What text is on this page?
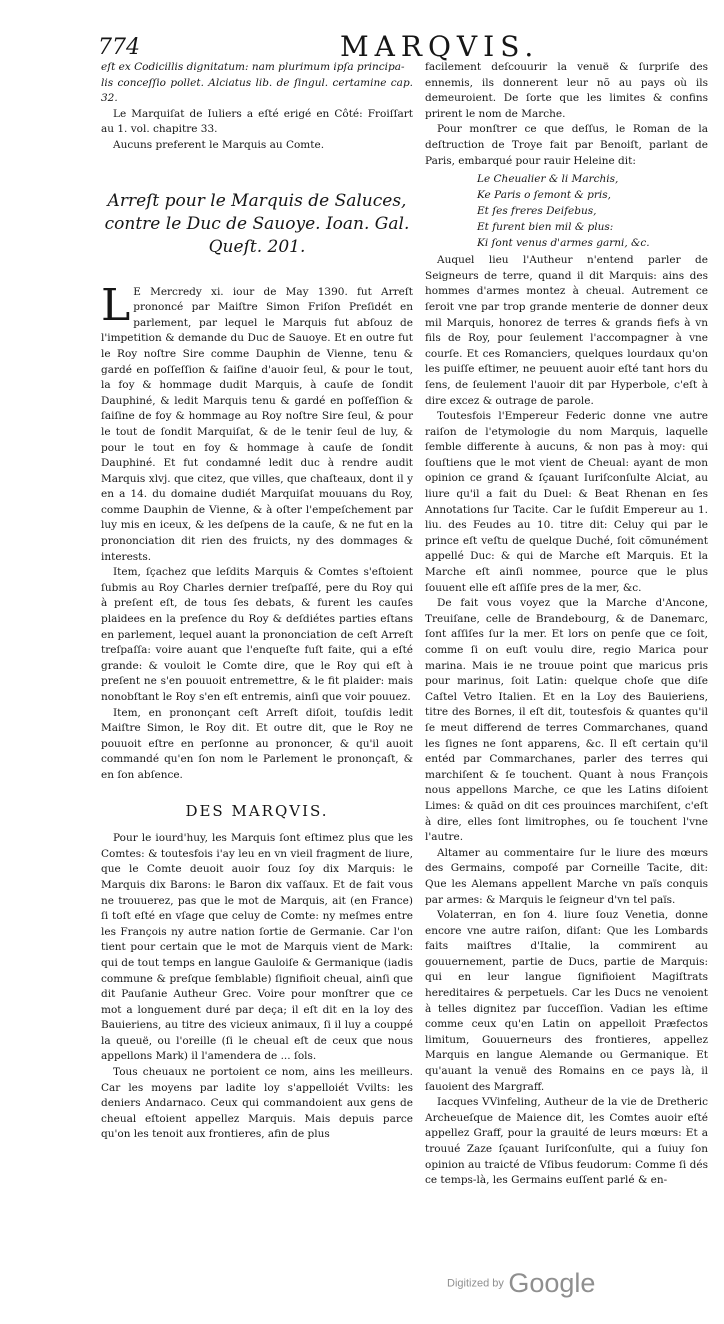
774	MARQVIS.

eſt ex Codicillis dignitatum: nam plurimum ipſa principa-

lis conceſſio pollet. Alciatus lib. de ſingul. certamine cap. 32.

Le Marquiſat de Iuliers a eſté erigé en Côté: Froiſſart au 1. vol. chapitre 33.

Aucuns preferent le Marquis au Comte.

Arreſt pour le Marquis de Saluces, contre le Duc de Sauoye. Ioan. Gal. Queſt. 201.

L E Mercredy xi. iour de May 1390. fut Arreſt prononcé par Maiſtre Simon Friſon Preſidét en parlement, par lequel le Marquis fut abſouz de l'impetition & demande du Duc de Sauoye. Et en outre fut le Roy noſtre Sire comme Dauphin de Vienne, tenu & gardé en poſſeſſion & ſaiſine d'auoir ſeul, & pour le tout, la foy & hommage dudit Marquis, à cauſe de ſondit Dauphiné, & ledit Marquis tenu & gardé en poſſeſſion & ſaiſine de foy & hommage au Roy noſtre Sire ſeul, & pour le tout de ſondit Marquiſat, & de le tenir ſeul de luy, & pour le tout en foy & hommage à cauſe de ſondit Dauphiné. Et fut condamné ledit duc à rendre audit Marquis xlvj. que citez, que villes, que chaſteaux, dont il y en a 14. du domaine dudiét Marquiſat mouuans du Roy, comme Dauphin de Vienne, & à oſter l'empeſchement par luy mis en iceux, & les deſpens de la cauſe, & ne fut en la prononciation dit rien des fruicts, ny des dommages & interests.

Item, ſçachez que leſdits Marquis & Comtes s'eſtoient ſubmis au Roy Charles dernier treſpaſſé, pere du Roy qui à preſent eſt, de tous ſes debats, & furent les cauſes plaidees en la preſence du Roy & deſdiétes parties eſtans en parlement, lequel auant la prononciation de ceſt Arreſt treſpaſſa: voire auant que l'enqueſte fuſt faite, qui a eſté grande: & vouloit le Comte dire, que le Roy qui eſt à preſent ne s'en pouuoit entremettre, & le fit plaider: mais nonobſtant le Roy s'en eſt entremis, ainſi que voir pouuez.

Item, en prononçant ceſt Arreſt diſoit, touſdis ledit Maiſtre Simon, le Roy dit. Et outre dit, que le Roy ne pouuoit eſtre en perſonne au prononcer, & qu'il auoit commandé qu'en ſon nom le Parlement le prononçaſt, & en ſon abſence.

DES MARQVIS.

Pour le iourd'huy, les Marquis ſont eſtimez plus que les Comtes: & toutesfois i'ay leu en vn vieil fragment de liure, que le Comte deuoit auoir ſouz ſoy dix Marquis: le Marquis dix Barons: le Baron dix vaſſaux. Et de fait vous ne trouuerez, pas que le mot de Marquis, ait (en France) ſi toſt eſté en vſage que celuy de Comte: ny meſmes entre les François ny autre nation ſortie de Germanie. Car l'on tient pour certain que le mot de Marquis vient de Mark: qui de tout temps en langue Gauloiſe & Germanique (iadis commune & preſque ſemblable) ſignifioit cheual, ainſi que dit Pauſanie Autheur Grec. Voire pour monſtrer que ce mot a longuement duré par deça; il eſt dit en la loy des Bauieriens, au titre des vicieux animaux, ſi il luy a couppé la queuë, ou l'oreille (ſi le cheual eſt de ceux que nous appellons Mark) il l'amendera de ... ſols.

Tous cheuaux ne portoient ce nom, ains les meilleurs. Car les moyens par ladite loy s'appelloiét Vvilts: les deniers Andarnaco. Ceux qui commandoient aux gens de cheual eſtoient appellez Marquis. Mais depuis parce qu'on les tenoit aux frontieres, afin de plus

facilement deſcouurir la venuë & ſurpriſe des ennemis, ils donnerent leur nõ au pays où ils demeuroient. De ſorte que les limites & confins prirent le nom de Marche.

Pour monſtrer ce que deſſus, le Roman de la deſtruction de Troye fait par Benoiſt, parlant de Paris, embarqué pour rauir Heleine dit:

Le Cheualier & li Marchis,
Ke Paris o ſemont & pris,
Et ſes freres Deifebus,
Et furent bien mil & plus:
Ki ſont venus d'armes garni, &c.

Auquel lieu l'Autheur n'entend parler de Seigneurs de terre, quand il dit Marquis: ains des hommes d'armes montez à cheual. Autrement ce ſeroit vne par trop grande menterie de donner deux mil Marquis, honorez de terres & grands fiefs à vn fils de Roy, pour ſeulement l'accompagner à vne courſe. Et ces Romanciers, quelques lourdaux qu'on les puiſſe eſtimer, ne peuuent auoir eſté tant hors du ſens, de ſeulement l'auoir dit par Hyperbole, c'eſt à dire excez & outrage de parole.

Toutesfois l'Empereur Federic donne vne autre raiſon de l'etymologie du nom Marquis, laquelle ſemble differente à aucuns, & non pas à moy: qui ſouſtiens que le mot vient de Cheual: ayant de mon opinion ce grand & ſçauant Iuriſconſulte Alciat, au liure qu'il a fait du Duel: & Beat Rhenan en ſes Annotations ſur Tacite. Car le ſuſdit Empereur au 1. liu. des Feudes au 10. titre dit: Celuy qui par le prince eſt veſtu de quelque Duché, ſoit cõmunément appellé Duc: & qui de Marche eſt Marquis. Et la Marche eſt ainſi nommee, pource que le plus ſouuent elle eſt aſſiſe pres de la mer, &c.

De fait vous voyez que la Marche d'Ancone, Treuiſane, celle de Brandebourg, & de Danemarc, ſont aſſiſes ſur la mer. Et lors on penſe que ce ſoit, comme ſi on euſt voulu dire, regio Marica pour marina. Mais ie ne trouue point que maricus pris pour marinus, ſoit Latin: quelque choſe que diſe Caſtel Vetro Italien. Et en la Loy des Bauieriens, titre des Bornes, il eſt dit, toutesfois & quantes qu'il ſe meut differend de terres Commarchanes, quand les ſignes ne ſont apparens, &c. Il eſt certain qu'il entéd par Commarchanes, parler des terres qui marchiſent & ſe touchent. Quant à nous François nous appellons Marche, ce que les Latins diſoient Limes: & quãd on dit ces prouinces marchiſent, c'eſt à dire, elles ſont limitrophes, ou ſe touchent l'vne l'autre.

Altamer au commentaire ſur le liure des mœurs des Germains, compoſé par Corneille Tacite, dit: Que les Alemans appellent Marche vn païs conquis par armes: & Marquis le ſeigneur d'vn tel païs.

Volaterran, en ſon 4. liure ſouz Venetia, donne encore vne autre raiſon, diſant: Que les Lombards faits maiſtres d'Italie, la commirent au gouuernement, partie de Ducs, partie de Marquis: qui en leur langue ſignifioient Magiſtrats hereditaires & perpetuels. Car les Ducs ne venoient à telles dignitez par ſucceſſion. Vadian les eſtime comme ceux qu'en Latin on appelloit Præfectos limitum, Gouuerneurs des frontieres, appellez Marquis en langue Alemande ou Germanique. Et qu'auant la venuë des Romains en ce pays là, il ſauoient des Margraff.

Iacques VVinfeling, Autheur de la vie de Dretheric Archeueſque de Maience dit, les Comtes auoir eſté appellez Graff, pour la grauité de leurs mœurs: Et a trouué Zaze ſçauant Iuriſconſulte, qui a ſuiuy ſon opinion au traicté de Vſibus feudorum: Comme ſi dés ce temps-là, les Germains euſſent parlé & en-

Digitized by Google
